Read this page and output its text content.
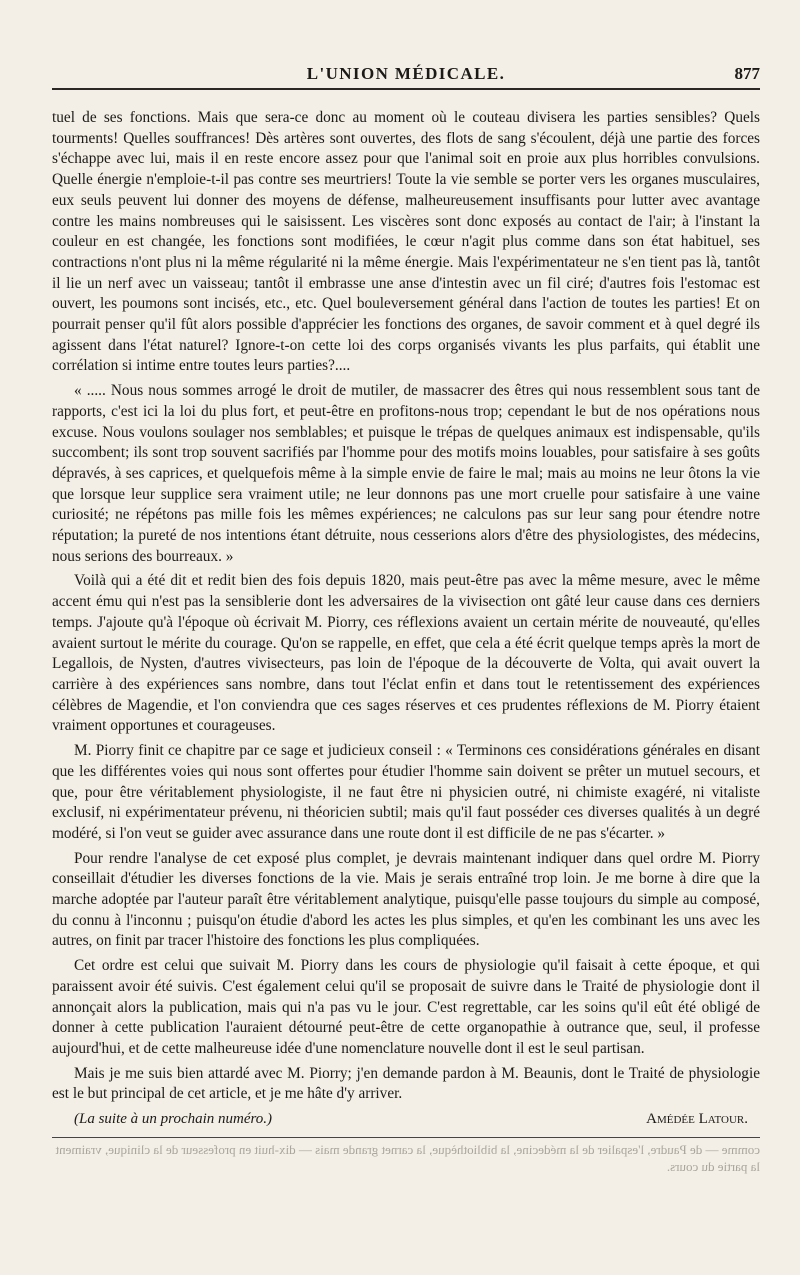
L'UNION MÉDICALE.	877

tuel de ses fonctions. Mais que sera-ce donc au moment où le couteau divisera les parties sensibles? Quels tourments! Quelles souffrances! Dès artères sont ouvertes, des flots de sang s'écoulent, déjà une partie des forces s'échappe avec lui, mais il en reste encore assez pour que l'animal soit en proie aux plus horribles convulsions. Quelle énergie n'emploie-t-il pas contre ses meurtriers! Toute la vie semble se porter vers les organes musculaires, eux seuls peuvent lui donner des moyens de défense, malheureusement insuffisants pour lutter avec avantage contre les mains nombreuses qui le saisissent. Les viscères sont donc exposés au contact de l'air; à l'instant la couleur en est changée, les fonctions sont modifiées, le cœur n'agit plus comme dans son état habituel, ses contractions n'ont plus ni la même régularité ni la même énergie. Mais l'expérimentateur ne s'en tient pas là, tantôt il lie un nerf avec un vaisseau; tantôt il embrasse une anse d'intestin avec un fil ciré; d'autres fois l'estomac est ouvert, les poumons sont incisés, etc., etc. Quel bouleversement général dans l'action de toutes les parties! Et on pourrait penser qu'il fût alors possible d'apprécier les fonctions des organes, de savoir comment et à quel degré ils agissent dans l'état naturel? Ignore-t-on cette loi des corps organisés vivants les plus parfaits, qui établit une corrélation si intime entre toutes leurs parties?....

« ..... Nous nous sommes arrogé le droit de mutiler, de massacrer des êtres qui nous ressemblent sous tant de rapports, c'est ici la loi du plus fort, et peut-être en profitons-nous trop; cependant le but de nos opérations nous excuse. Nous voulons soulager nos semblables; et puisque le trépas de quelques animaux est indispensable, qu'ils succombent; ils sont trop souvent sacrifiés par l'homme pour des motifs moins louables, pour satisfaire à ses goûts dépravés, à ses caprices, et quelquefois même à la simple envie de faire le mal; mais au moins ne leur ôtons la vie que lorsque leur supplice sera vraiment utile; ne leur donnons pas une mort cruelle pour satisfaire à une vaine curiosité; ne répétons pas mille fois les mêmes expériences; ne calculons pas sur leur sang pour étendre notre réputation; la pureté de nos intentions étant détruite, nous cesserions alors d'être des physiologistes, des médecins, nous serions des bourreaux. »

Voilà qui a été dit et redit bien des fois depuis 1820, mais peut-être pas avec la même mesure, avec le même accent ému qui n'est pas la sensiblerie dont les adversaires de la vivisection ont gâté leur cause dans ces derniers temps. J'ajoute qu'à l'époque où écrivait M. Piorry, ces réflexions avaient un certain mérite de nouveauté, qu'elles avaient surtout le mérite du courage. Qu'on se rappelle, en effet, que cela a été écrit quelque temps après la mort de Legallois, de Nysten, d'autres vivisecteurs, pas loin de l'époque de la découverte de Volta, qui avait ouvert la carrière à des expériences sans nombre, dans tout l'éclat enfin et dans tout le retentissement des expériences célèbres de Magendie, et l'on conviendra que ces sages réserves et ces prudentes réflexions de M. Piorry étaient vraiment opportunes et courageuses.

M. Piorry finit ce chapitre par ce sage et judicieux conseil : « Terminons ces considérations générales en disant que les différentes voies qui nous sont offertes pour étudier l'homme sain doivent se prêter un mutuel secours, et que, pour être véritablement physiologiste, il ne faut être ni physicien outré, ni chimiste exagéré, ni vitaliste exclusif, ni expérimentateur prévenu, ni théoricien subtil; mais qu'il faut posséder ces diverses qualités à un degré modéré, si l'on veut se guider avec assurance dans une route dont il est difficile de ne pas s'écarter. »

Pour rendre l'analyse de cet exposé plus complet, je devrais maintenant indiquer dans quel ordre M. Piorry conseillait d'étudier les diverses fonctions de la vie. Mais je serais entraîné trop loin. Je me borne à dire que la marche adoptée par l'auteur paraît être véritablement analytique, puisqu'elle passe toujours du simple au composé, du connu à l'inconnu ; puisqu'on étudie d'abord les actes les plus simples, et qu'en les combinant les uns avec les autres, on finit par tracer l'histoire des fonctions les plus compliquées.

Cet ordre est celui que suivait M. Piorry dans les cours de physiologie qu'il faisait à cette époque, et qui paraissent avoir été suivis. C'est également celui qu'il se proposait de suivre dans le Traité de physiologie dont il annonçait alors la publication, mais qui n'a pas vu le jour. C'est regrettable, car les soins qu'il eût été obligé de donner à cette publication l'auraient détourné peut-être de cette organopathie à outrance que, seul, il professe aujourd'hui, et de cette malheureuse idée d'une nomenclature nouvelle dont il est le seul partisan.

Mais je me suis bien attardé avec M. Piorry; j'en demande pardon à M. Beaunis, dont le Traité de physiologie est le but principal de cet article, et je me hâte d'y arriver.

(La suite à un prochain numéro.)	Amédée Latour.
comme — de Paudre, l'espalier de la médecine, la bibliothèque, la carnet grande mais — dix-huit en professeur de la clinique, vraiment la partie du cours.
